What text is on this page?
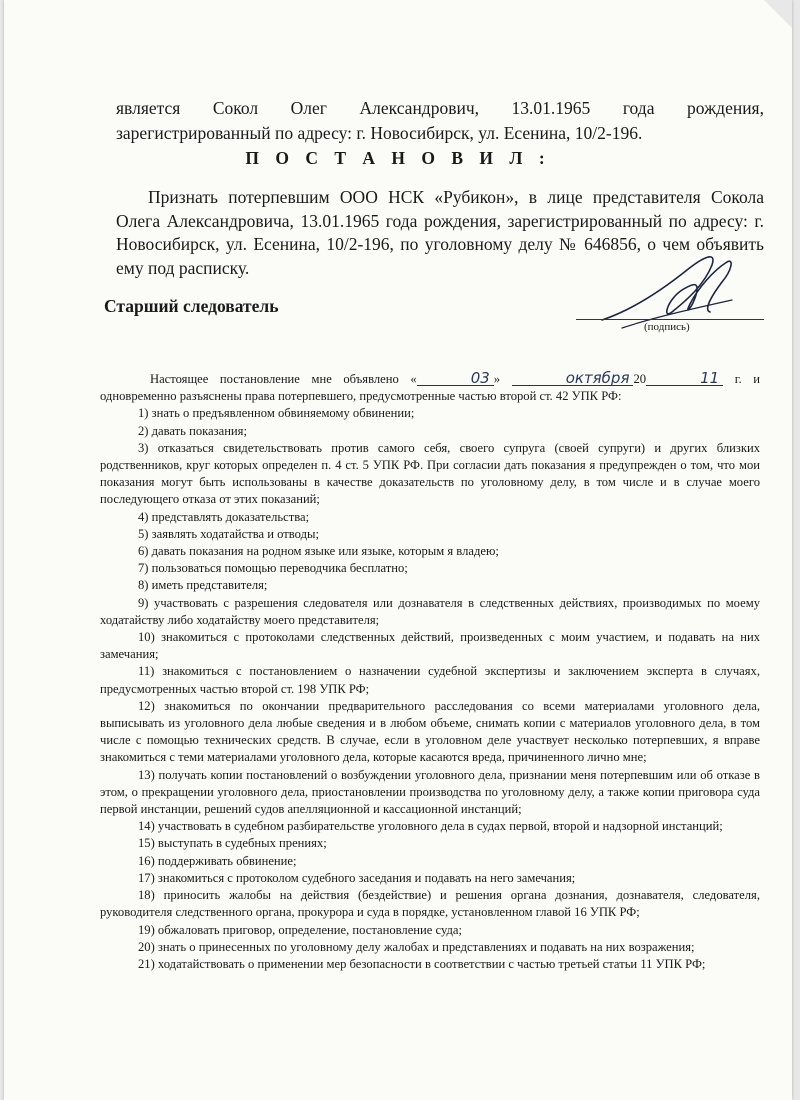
является Сокол Олег Александрович, 13.01.1965 года рождения,

зарегистрированный по адресу: г. Новосибирск, ул. Есенина, 10/2-196.

П О С Т А Н О В И Л :

Признать потерпевшим ООО НСК «Рубикон», в лице представителя Сокола Олега Александровича, 13.01.1965 года рождения, зарегистрированный по адресу: г. Новосибирск, ул. Есенина, 10/2-196, по уголовному делу № 646856, о чем объявить ему под расписку.

Старший следователь
(подпись)

Настоящее постановление мне объявлено «	03 »	октября 20	11 г. и одновременно разъяснены права потерпевшего, предусмотренные частью второй ст. 42 УПК РФ:

1) знать о предъявленном обвиняемому обвинении;
2) давать показания;
3) отказаться свидетельствовать против самого себя, своего супруга (своей супруги) и других близких родственников, круг которых определен п. 4 ст. 5 УПК РФ. При согласии дать показания я предупрежден о том, что мои показания могут быть использованы в качестве доказательств по уголовному делу, в том числе и в случае моего последующего отказа от этих показаний;
4) представлять доказательства;
5) заявлять ходатайства и отводы;
6) давать показания на родном языке или языке, которым я владею;
7) пользоваться помощью переводчика бесплатно;
8) иметь представителя;
9) участвовать с разрешения следователя или дознавателя в следственных действиях, производимых по моему ходатайству либо ходатайству моего представителя;
10) знакомиться с протоколами следственных действий, произведенных с моим участием, и подавать на них замечания;
11) знакомиться с постановлением о назначении судебной экспертизы и заключением эксперта в случаях, предусмотренных частью второй ст. 198 УПК РФ;
12) знакомиться по окончании предварительного расследования со всеми материалами уголовного дела, выписывать из уголовного дела любые сведения и в любом объеме, снимать копии с материалов уголовного дела, в том числе с помощью технических средств. В случае, если в уголовном деле участвует несколько потерпевших, я вправе знакомиться с теми материалами уголовного дела, которые касаются вреда, причиненного лично мне;
13) получать копии постановлений о возбуждении уголовного дела, признании меня потерпевшим или об отказе в этом, о прекращении уголовного дела, приостановлении производства по уголовному делу, а также копии приговора суда первой инстанции, решений судов апелляционной и кассационной инстанций;
14) участвовать в судебном разбирательстве уголовного дела в судах первой, второй и надзорной инстанций;
15) выступать в судебных прениях;
16) поддерживать обвинение;
17) знакомиться с протоколом судебного заседания и подавать на него замечания;
18) приносить жалобы на действия (бездействие) и решения органа дознания, дознавателя, следователя, руководителя следственного органа, прокурора и суда в порядке, установленном главой 16 УПК РФ;
19) обжаловать приговор, определение, постановление суда;
20) знать о принесенных по уголовному делу жалобах и представлениях и подавать на них возражения;
21) ходатайствовать о применении мер безопасности в соответствии с частью третьей статьи 11 УПК РФ;
